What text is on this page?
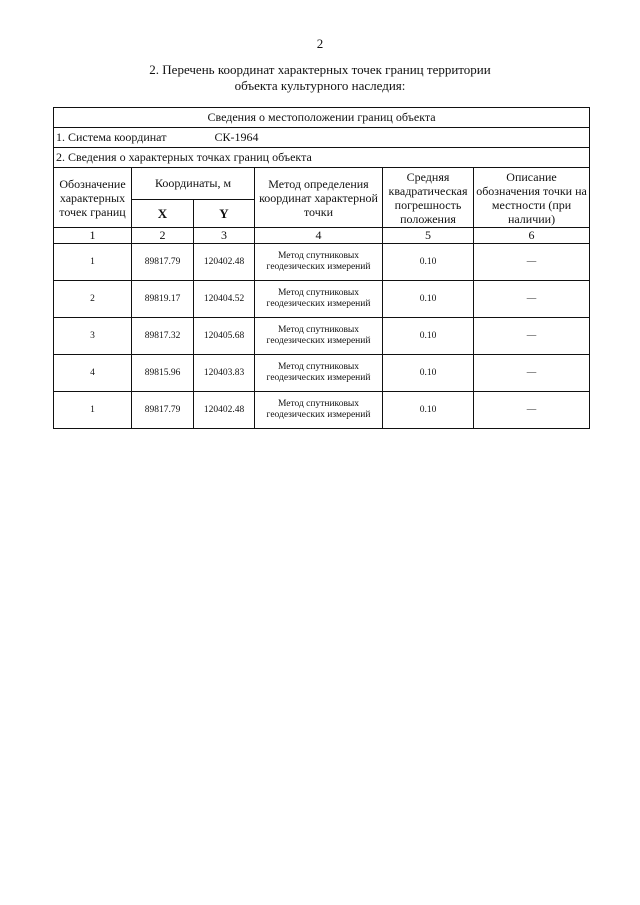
2
2. Перечень координат характерных точек границ территории
объекта культурного наследия:
Сведения о местоположении границ объекта					
1. Система координат СК-1964					
2. Сведения о характерных точках границ объекта					
Обозначение характерных точек границ	Координаты, м		Метод определения координат характерной точки	Средняя квадратическая погрешность положения	Описание обозначения точки на местности (при наличии)
	X	Y			
1	2	3	4	5	6
1	89817.79	120402.48	Метод спутниковых геодезических измерений	0.10	—
2	89819.17	120404.52	Метод спутниковых геодезических измерений	0.10	—
3	89817.32	120405.68	Метод спутниковых геодезических измерений	0.10	—
4	89815.96	120403.83	Метод спутниковых геодезических измерений	0.10	—
1	89817.79	120402.48	Метод спутниковых геодезических измерений	0.10	—
